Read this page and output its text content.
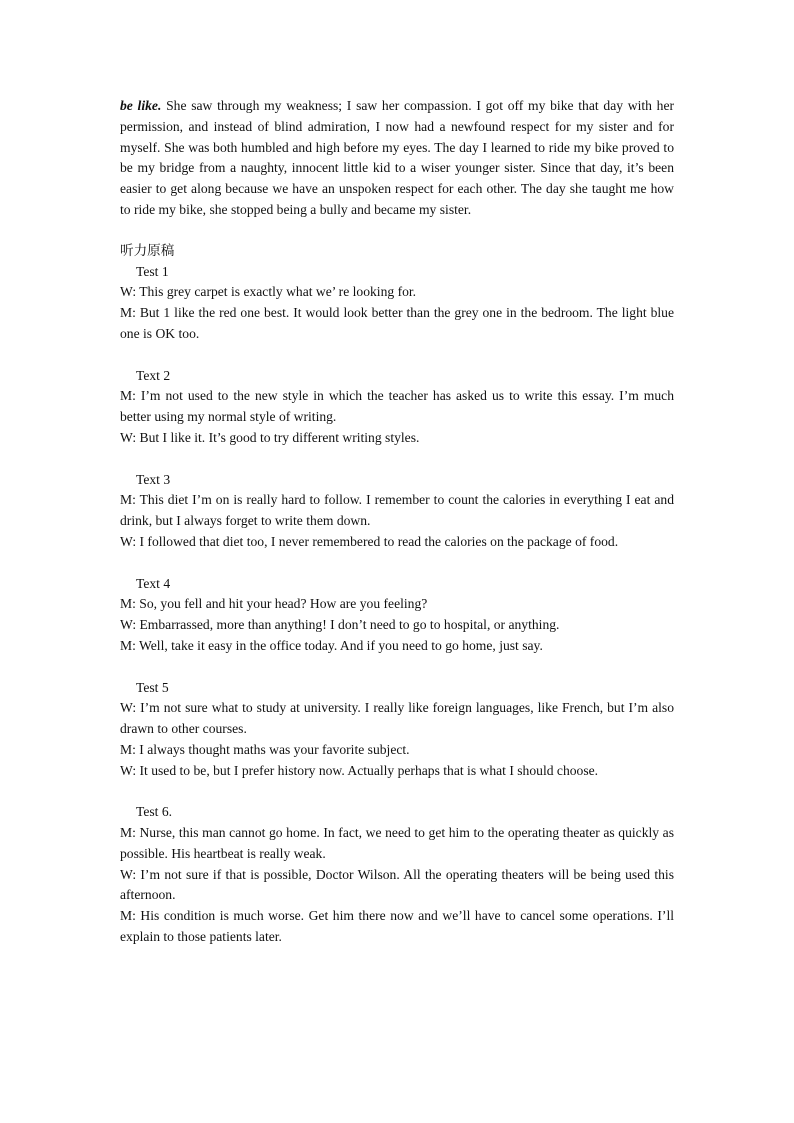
be like. She saw through my weakness; I saw her compassion. I got off my bike that day with her permission, and instead of blind admiration, I now had a newfound respect for my sister and for myself. She was both humbled and high before my eyes. The day I learned to ride my bike proved to be my bridge from a naughty, innocent little kid to a wiser younger sister. Since that day, it’s been easier to get along because we have an unspoken respect for each other. The day she taught me how to ride my bike, she stopped being a bully and became my sister.

听力原稿
Test 1

W: This grey carpet is exactly what we’ re looking for.

M: But 1 like the red one best. It would look better than the grey one in the bedroom. The light blue one is OK too.

Text 2

M: I’m not used to the new style in which the teacher has asked us to write this essay. I’m much better using my normal style of writing.

W: But I like it. It’s good to try different writing styles.

Text 3

M: This diet I’m on is really hard to follow. I remember to count the calories in everything I eat and drink, but I always forget to write them down.

W: I followed that diet too, I never remembered to read the calories on the package of food.

Text 4

M: So, you fell and hit your head? How are you feeling?

W: Embarrassed, more than anything! I don’t need to go to hospital, or anything.

M: Well, take it easy in the office today. And if you need to go home, just say.

Test 5

W: I’m not sure what to study at university. I really like foreign languages, like French, but I’m also drawn to other courses.

M: I always thought maths was your favorite subject.

W: It used to be, but I prefer history now. Actually perhaps that is what I should choose.

Test 6.

M: Nurse, this man cannot go home. In fact, we need to get him to the operating theater as quickly as possible. His heartbeat is really weak.

W: I’m not sure if that is possible, Doctor Wilson. All the operating theaters will be being used this afternoon.

M: His condition is much worse. Get him there now and we’ll have to cancel some operations. I’ll explain to those patients later.
